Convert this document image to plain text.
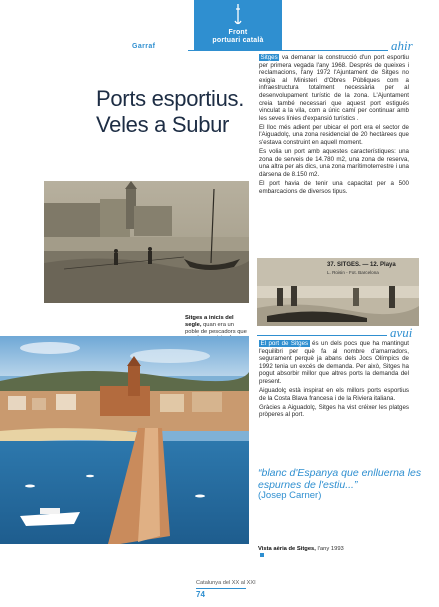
Front
portuari català
Garraf	ahir
Ports esportius.
Veles a Subur

Sitges va demanar la construcció d'un port esportiu per primera vegada l'any 1968. Després de queixes i reclamacions, l'any 1972 l'Ajuntament de Sitges no exigia al Ministeri d'Obres Públiques com a infraestructura totalment necessària per al desenvolupament turístic de la zona. L'Ajuntament creia també necessari que aquest port estigués vinculat a la vila, com a únic camí per continuar amb les seves línies d'expansió turístics .

El lloc més adient per ubicar el port era el sector de l'Aiguadolç, una zona residencial de 20 hectàrees que s'estava construint en aquell moment.

Es volia un port amb aquestes característiques: una zona de serveis de 14.780 m2, una zona de reserva, una altra per als dics, una zona marítimoterrestre i una dàrsena de 8.150 m2.

El port havia de tenir una capacitat per a 500 embarcacions de diversos tipus.

Sitges a inicis del segle, quan era un poble de pescadors que
37. SITGES. — 12. Playa
L. Roisin - Fot. Barcelona
avui

El port de Sitges és un dels pocs que ha mantingut l'equilibri per què fa al nombre d'amarradors, segurament perquè ja abans dels Jocs Olímpics de 1992 tenia un excés de demanda. Per això, Sitges ha pogut absorbir millor que altres ports la demanda del present.

Aiguadolç està inspirat en els millors ports esportius de la Costa Blava francesa i de la Riviera italiana.

Gràcies a Aiguadolç, Sitges ha vist créixer les platges pròperes al port.

“blanc d'Espanya que enlluerna les espurnes de l'estiu...”
(Josep Carner)
Vista aèria de Sitges, l'any 1993
Catalunya del XX al XXI
74
